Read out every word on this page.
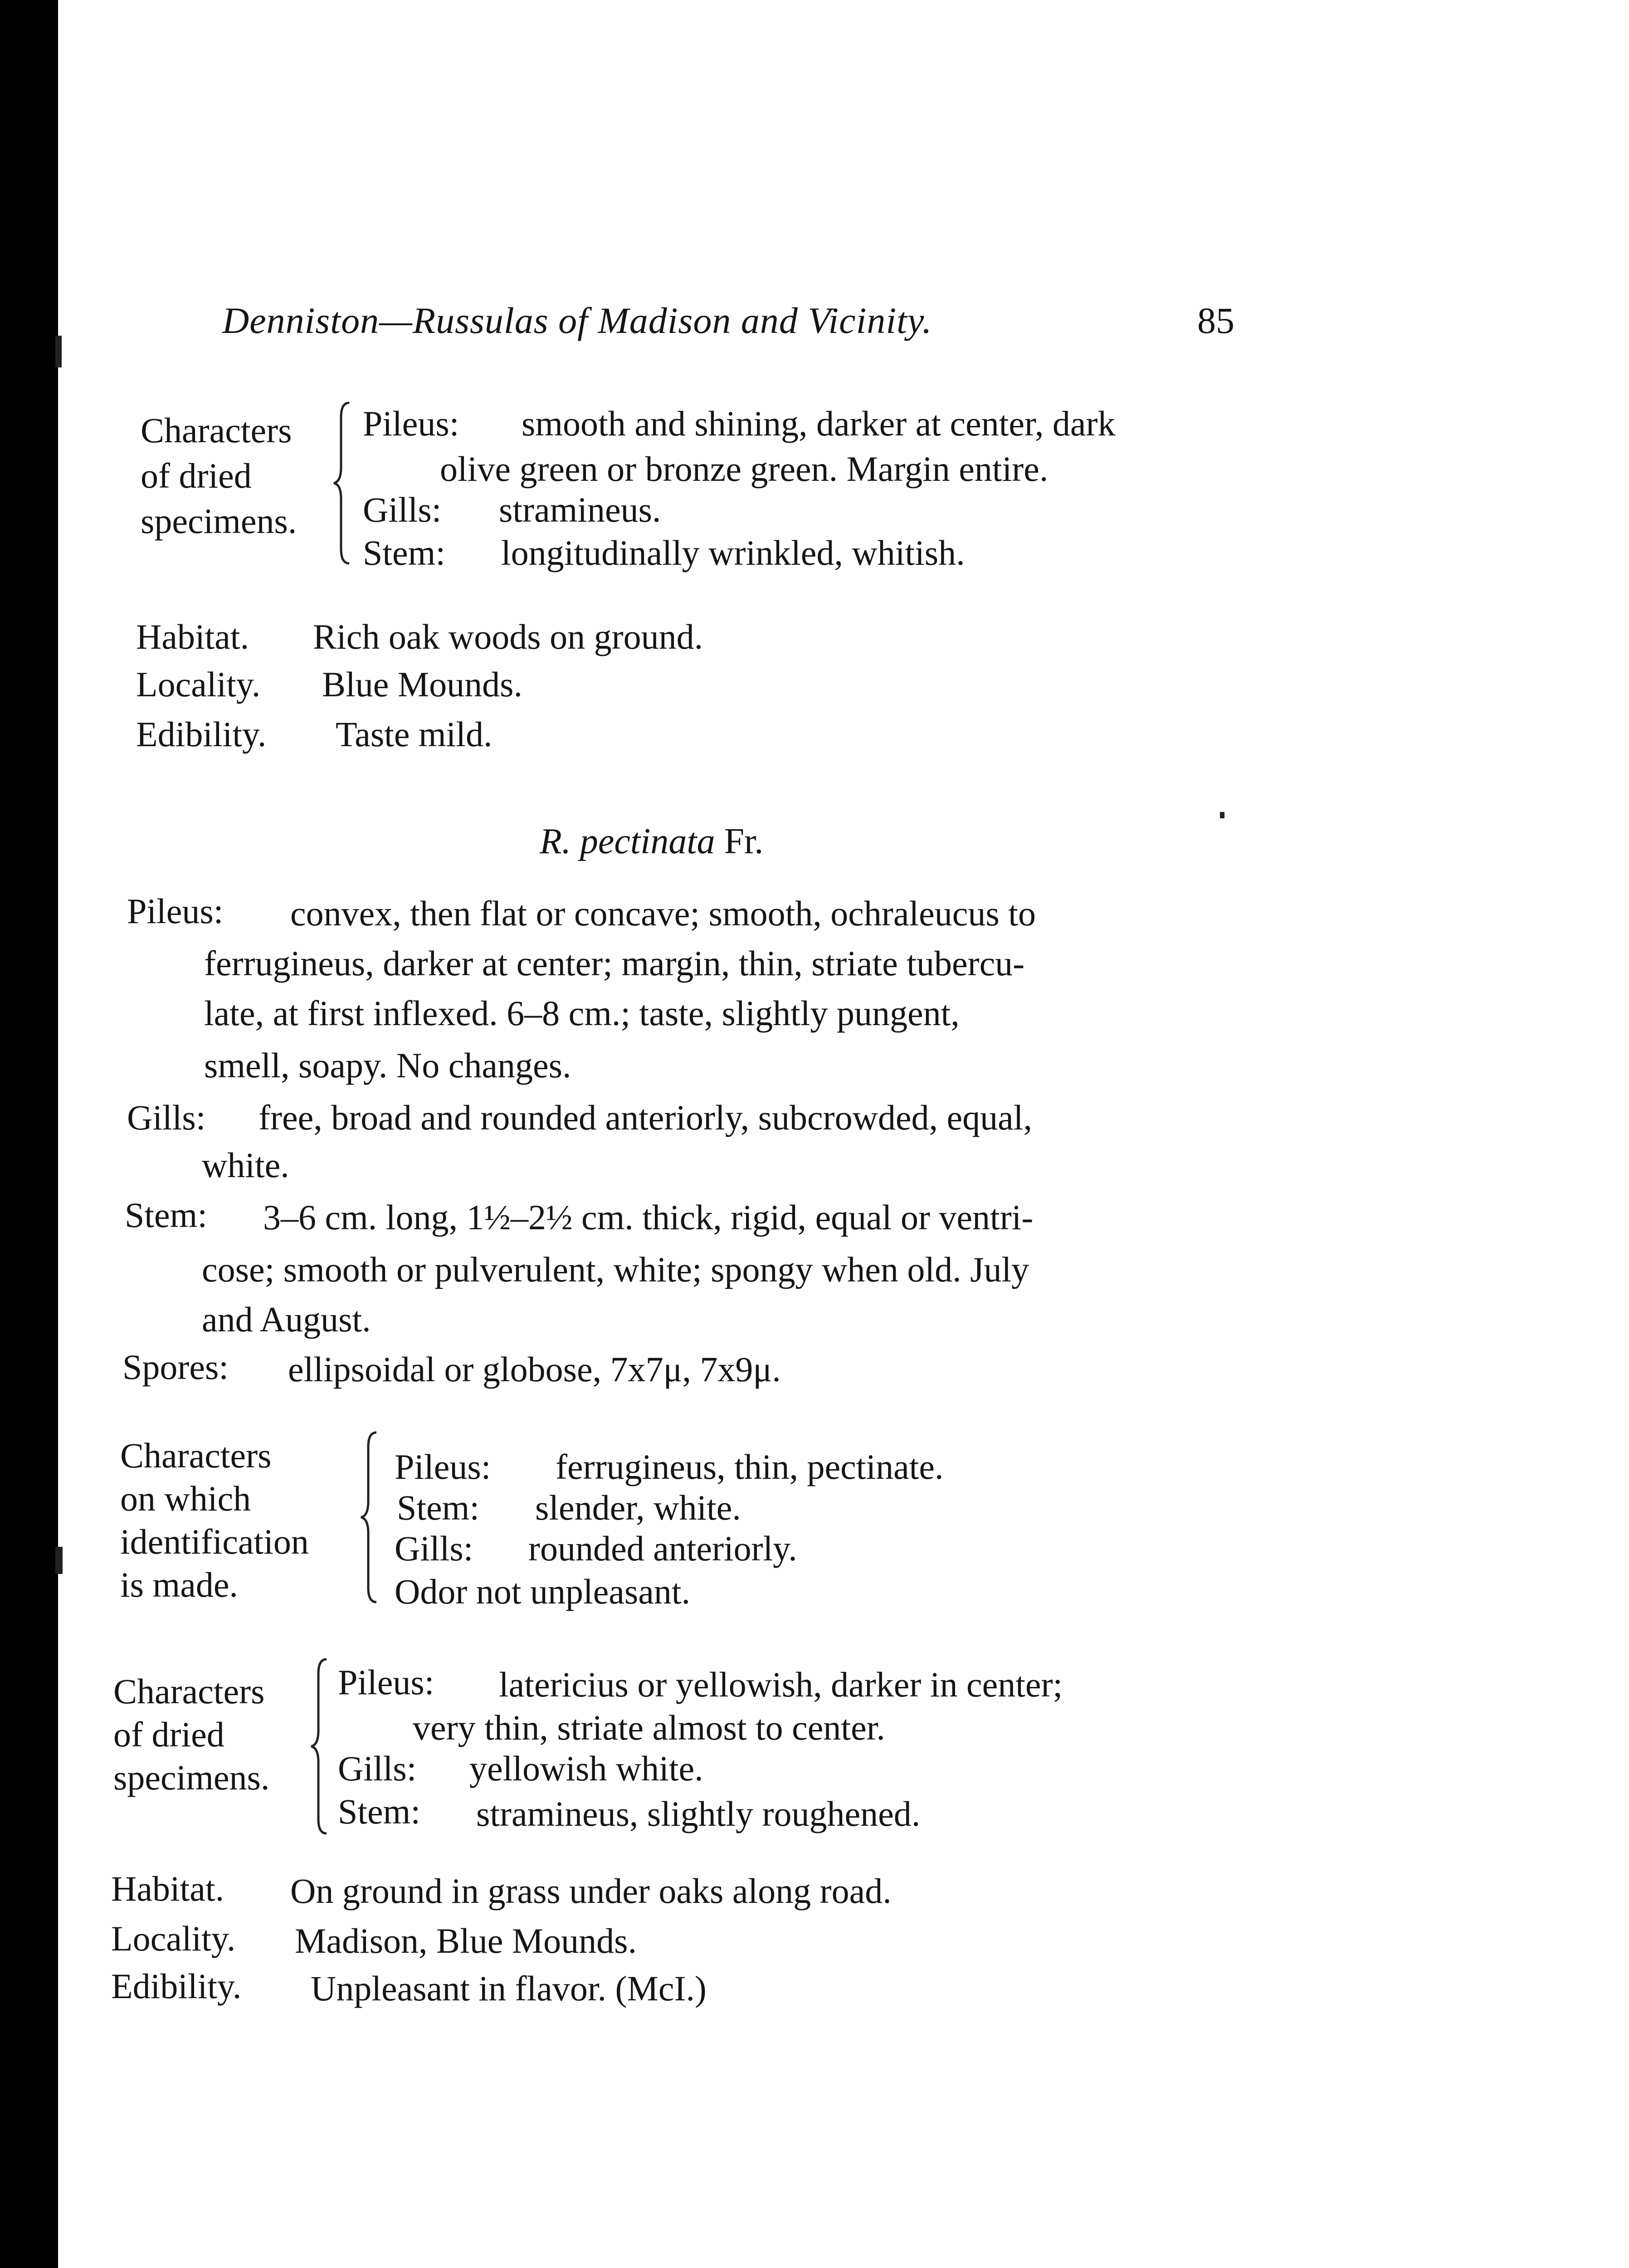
Denniston—Russulas of Madison and Vicinity.	85
Characters
of dried
specimens.
Pileus: smooth and shining, darker at center, dark
olive green or bronze green. Margin entire.
Gills: stramineus.
Stem: longitudinally wrinkled, whitish.
Habitat. Rich oak woods on ground.
Locality. Blue Mounds.
Edibility. Taste mild.
R. pectinata Fr.
Pileus: convex, then flat or concave; smooth, ochraleucus to
ferrugineus, darker at center; margin, thin, striate tubercu-
late, at first inflexed. 6–8 cm.; taste, slightly pungent,
smell, soapy. No changes.
Gills: free, broad and rounded anteriorly, subcrowded, equal,
white.
Stem: 3–6 cm. long, 1½–2½ cm. thick, rigid, equal or ventri-
cose; smooth or pulverulent, white; spongy when old. July
and August.
Spores: ellipsoidal or globose, 7x7μ, 7x9μ.
Characters
on which
identification
is made.
Pileus: ferrugineus, thin, pectinate.
Stem: slender, white.
Gills: rounded anteriorly.
Odor not unpleasant.
Characters
of dried
specimens.
Pileus: latericius or yellowish, darker in center;
very thin, striate almost to center.
Gills: yellowish white.
Stem: stramineus, slightly roughened.
Habitat. On ground in grass under oaks along road.
Locality. Madison, Blue Mounds.
Edibility. Unpleasant in flavor. (McI.)
